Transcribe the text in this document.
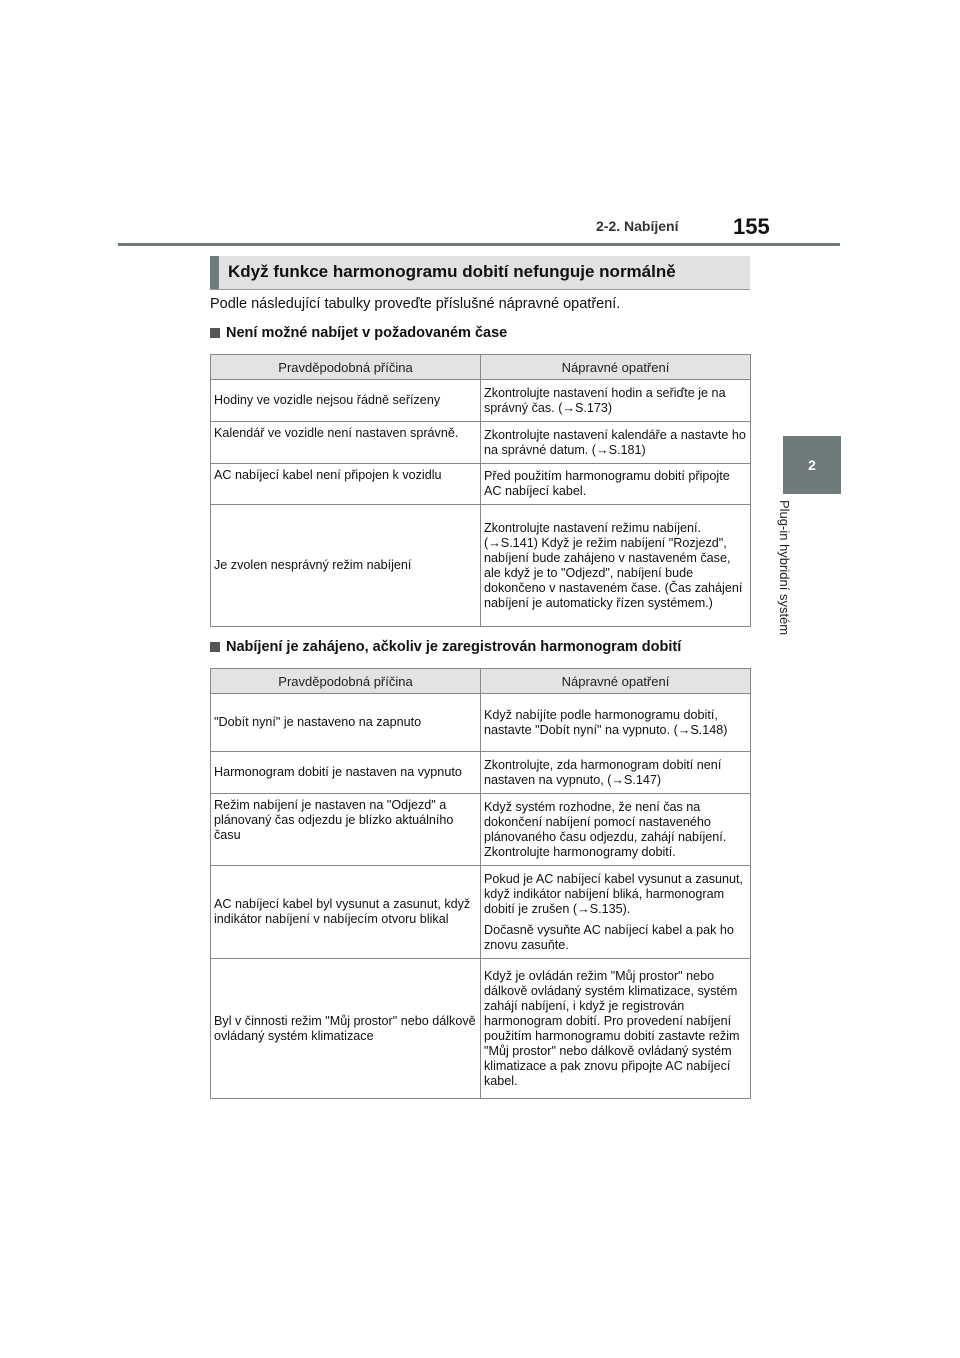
2-2. Nabíjení 155
2
Plug-in hybridní systém
Když funkce harmonogramu dobití nefunguje normálně
Podle následující tabulky proveďte příslušné nápravné opatření.
Není možné nabíjet v požadovaném čase
Pravděpodobná příčina	Nápravné opatření
Hodiny ve vozidle nejsou řádně seřízeny	Zkontrolujte nastavení hodin a seřiďte je na správný čas. (→S.173)
Kalendář ve vozidle není nastaven správně.	Zkontrolujte nastavení kalendáře a nastavte ho na správné datum. (→S.181)
AC nabíjecí kabel není připojen k vozidlu	Před použitím harmonogramu dobití připojte AC nabíjecí kabel.
Je zvolen nesprávný režim nabíjení	Zkontrolujte nastavení režimu nabíjení. (→S.141) Když je režim nabíjení "Rozjezd", nabíjení bude zahájeno v nastaveném čase, ale když je to "Odjezd", nabíjení bude dokončeno v nastaveném čase. (Čas zahájení nabíjení je automaticky řízen systémem.)
Nabíjení je zahájeno, ačkoliv je zaregistrován harmonogram dobití
Pravděpodobná příčina	Nápravné opatření
"Dobít nyní" je nastaveno na zapnuto	Když nabíjíte podle harmonogramu dobití, nastavte "Dobít nyní" na vypnuto. (→S.148)
Harmonogram dobití je nastaven na vypnuto	Zkontrolujte, zda harmonogram dobití není nastaven na vypnuto, (→S.147)
Režim nabíjení je nastaven na "Odjezd" a plánovaný čas odjezdu je blízko aktuálního času	Když systém rozhodne, že není čas na dokončení nabíjení pomocí nastaveného plánovaného času odjezdu, zahájí nabíjení. Zkontrolujte harmonogramy dobití.
AC nabíjecí kabel byl vysunut a zasunut, když indikátor nabíjení v nabíjecím otvoru blikal	Pokud je AC nabíjecí kabel vysunut a zasunut, když indikátor nabíjení bliká, harmonogram dobití je zrušen (→S.135).
Dočasně vysuňte AC nabíjecí kabel a pak ho znovu zasuňte.

Byl v činnosti režim "Můj prostor" nebo dálkově ovládaný systém klimatizace	Když je ovládán režim "Můj prostor" nebo dálkově ovládaný systém klimatizace, systém zahájí nabíjení, i když je registrován harmonogram dobití. Pro provedení nabíjení použitím harmonogramu dobití zastavte režim "Můj prostor" nebo dálkově ovládaný systém klimatizace a pak znovu připojte AC nabíjecí kabel.
